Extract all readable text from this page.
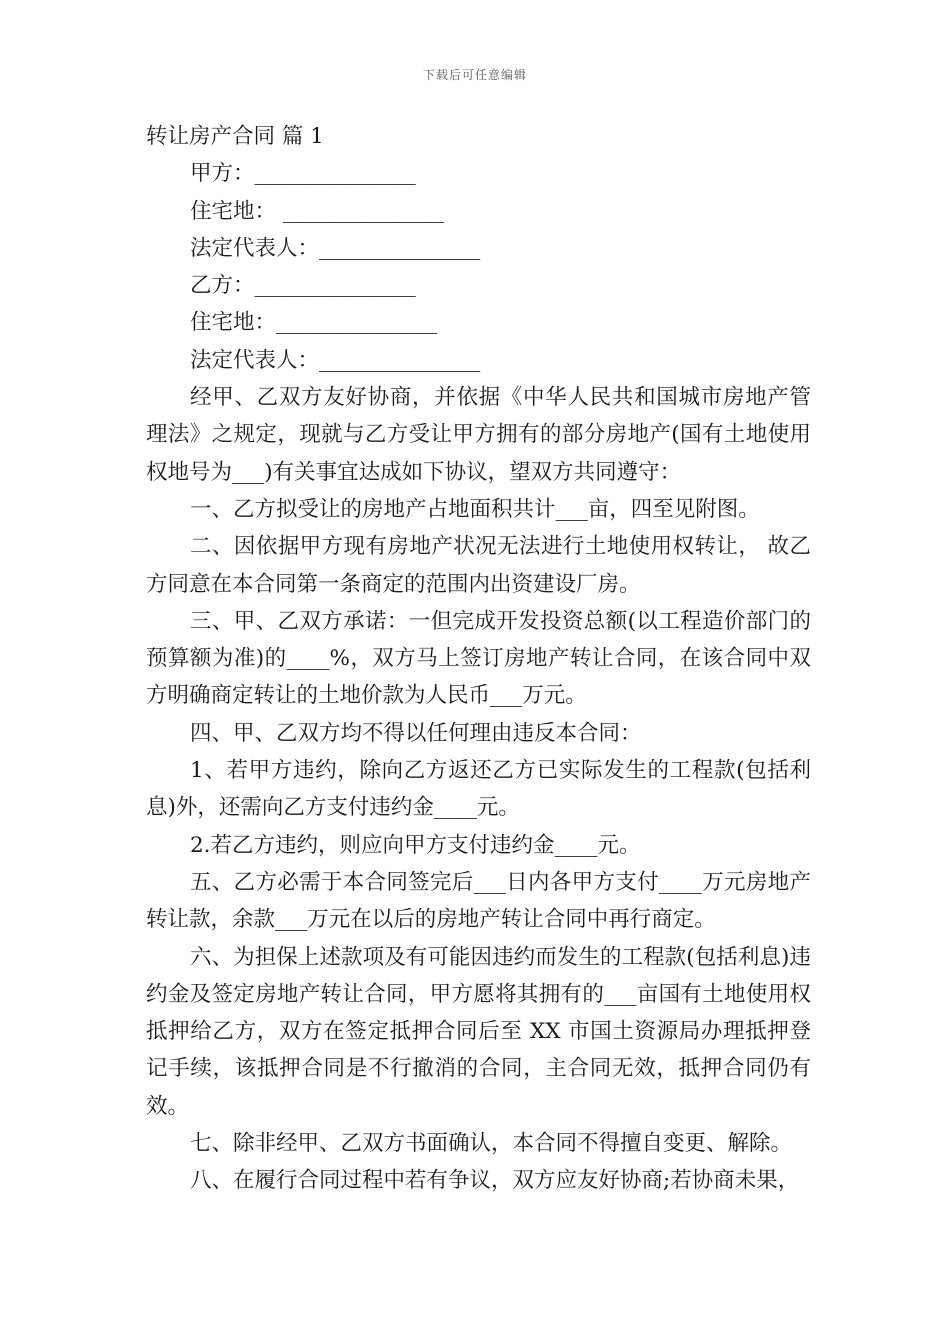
下载后可任意编辑
转让房产合同 篇 1

甲方：_______________

住宅地： _______________

法定代表人：_______________

乙方：_______________

住宅地：_______________

法定代表人：_______________

经甲、乙双方友好协商，并依据《中华人民共和国城市房地产管理法》之规定，现就与乙方受让甲方拥有的部分房地产(国有土地使用权地号为___)有关事宜达成如下协议，望双方共同遵守：

一、乙方拟受让的房地产占地面积共计___亩，四至见附图。

二、因依据甲方现有房地产状况无法进行土地使用权转让， 故乙方同意在本合同第一条商定的范围内出资建设厂房。

三、甲、乙双方承诺：一但完成开发投资总额(以工程造价部门的预算额为准)的____%，双方马上签订房地产转让合同，在该合同中双方明确商定转让的土地价款为人民币___万元。

四、甲、乙双方均不得以任何理由违反本合同：

1、若甲方违约，除向乙方返还乙方已实际发生的工程款(包括利息)外，还需向乙方支付违约金____元。

2.若乙方违约，则应向甲方支付违约金____元。

五、乙方必需于本合同签完后___日内各甲方支付____万元房地产转让款，余款___万元在以后的房地产转让合同中再行商定。

六、为担保上述款项及有可能因违约而发生的工程款(包括利息)违约金及签定房地产转让合同，甲方愿将其拥有的___亩国有土地使用权抵押给乙方，双方在签定抵押合同后至 XX 市国土资源局办理抵押登记手续，该抵押合同是不行撤消的合同，主合同无效，抵押合同仍有效。

七、除非经甲、乙双方书面确认，本合同不得擅自变更、解除。

八、在履行合同过程中若有争议，双方应友好协商;若协商未果，
